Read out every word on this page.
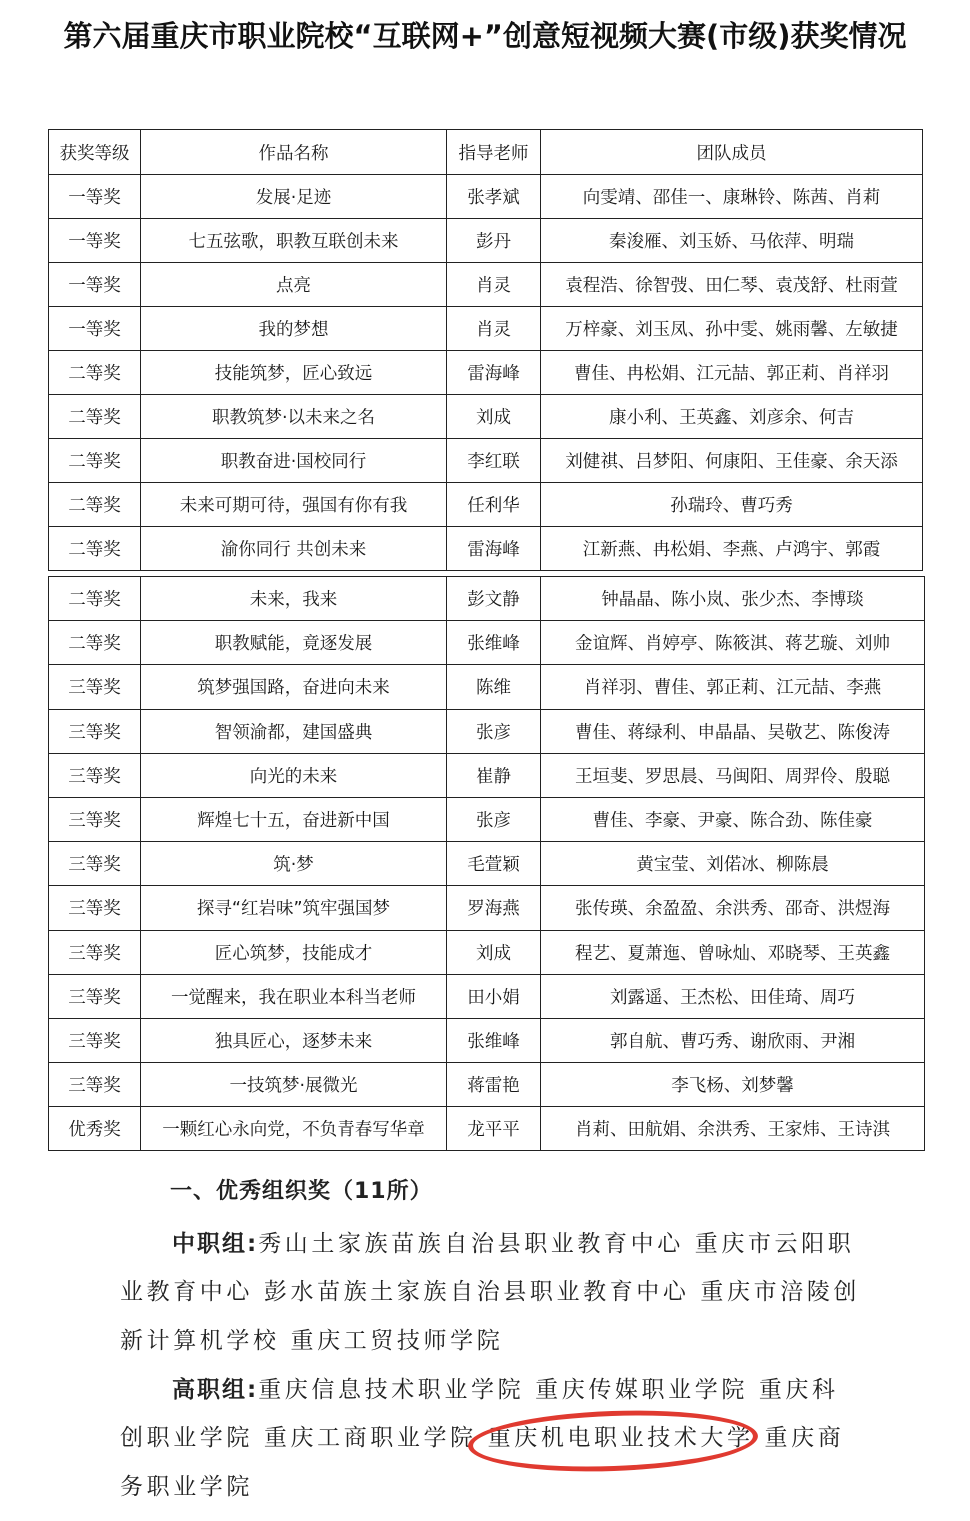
第六届重庆市职业院校“互联网+”创意短视频大赛(市级)获奖情况
获奖等级	作品名称	指导老师	团队成员
一等奖	发展·足迹	张孝斌	向雯靖、邵佳一、康琳铃、陈茜、肖莉
一等奖	七五弦歌，职教互联创未来	彭丹	秦浚雁、刘玉娇、马依萍、明瑞
一等奖	点亮	肖灵	袁程浩、徐智弢、田仁琴、袁茂舒、杜雨萱
一等奖	我的梦想	肖灵	万梓豪、刘玉凤、孙中雯、姚雨馨、左敏捷
二等奖	技能筑梦，匠心致远	雷海峰	曹佳、冉松娟、江元喆、郭正莉、肖祥羽
二等奖	职教筑梦·以未来之名	刘成	康小利、王英鑫、刘彦余、何吉
二等奖	职教奋进·国校同行	李红联	刘健祺、吕梦阳、何康阳、王佳豪、余天添
二等奖	未来可期可待，强国有你有我	任利华	孙瑞玲、曹巧秀
二等奖	渝你同行 共创未来	雷海峰	江新燕、冉松娟、李燕、卢鸿宇、郭霞
二等奖	未来，我来	彭文静	钟晶晶、陈小岚、张少杰、李博琰
二等奖	职教赋能，竟逐发展	张维峰	金谊辉、肖婷亭、陈筱淇、蒋艺璇、刘帅
三等奖	筑梦强国路，奋进向未来	陈维	肖祥羽、曹佳、郭正莉、江元喆、李燕
三等奖	智领渝都，建国盛典	张彦	曹佳、蒋绿利、申晶晶、吴敬艺、陈俊涛
三等奖	向光的未来	崔静	王垣斐、罗思晨、马闽阳、周羿伶、殷聪
三等奖	辉煌七十五，奋进新中国	张彦	曹佳、李豪、尹豪、陈合劲、陈佳豪
三等奖	筑·梦	毛萱颖	黄宝莹、刘偌冰、柳陈晨
三等奖	探寻“红岩味”筑牢强国梦	罗海燕	张传瑛、余盈盈、余洪秀、邵奇、洪煜海
三等奖	匠心筑梦，技能成才	刘成	程艺、夏萧迤、曾咏灿、邓晓琴、王英鑫
三等奖	一觉醒来，我在职业本科当老师	田小娟	刘露遥、王杰松、田佳琦、周巧
三等奖	独具匠心，逐梦未来	张维峰	郭自航、曹巧秀、谢欣雨、尹湘
三等奖	一技筑梦·展微光	蒋雷艳	李飞杨、刘梦馨
优秀奖	一颗红心永向党，不负青春写华章	龙平平	肖莉、田航娟、余洪秀、王家炜、王诗淇
一、优秀组织奖（11所）
中职组:秀山土家族苗族自治县职业教育中心 重庆市云阳职
业教育中心 彭水苗族土家族自治县职业教育中心 重庆市涪陵创
新计算机学校 重庆工贸技师学院
高职组:重庆信息技术职业学院 重庆传媒职业学院 重庆科
创职业学院 重庆工商职业学院 重庆机电职业技术大学 重庆商
务职业学院
